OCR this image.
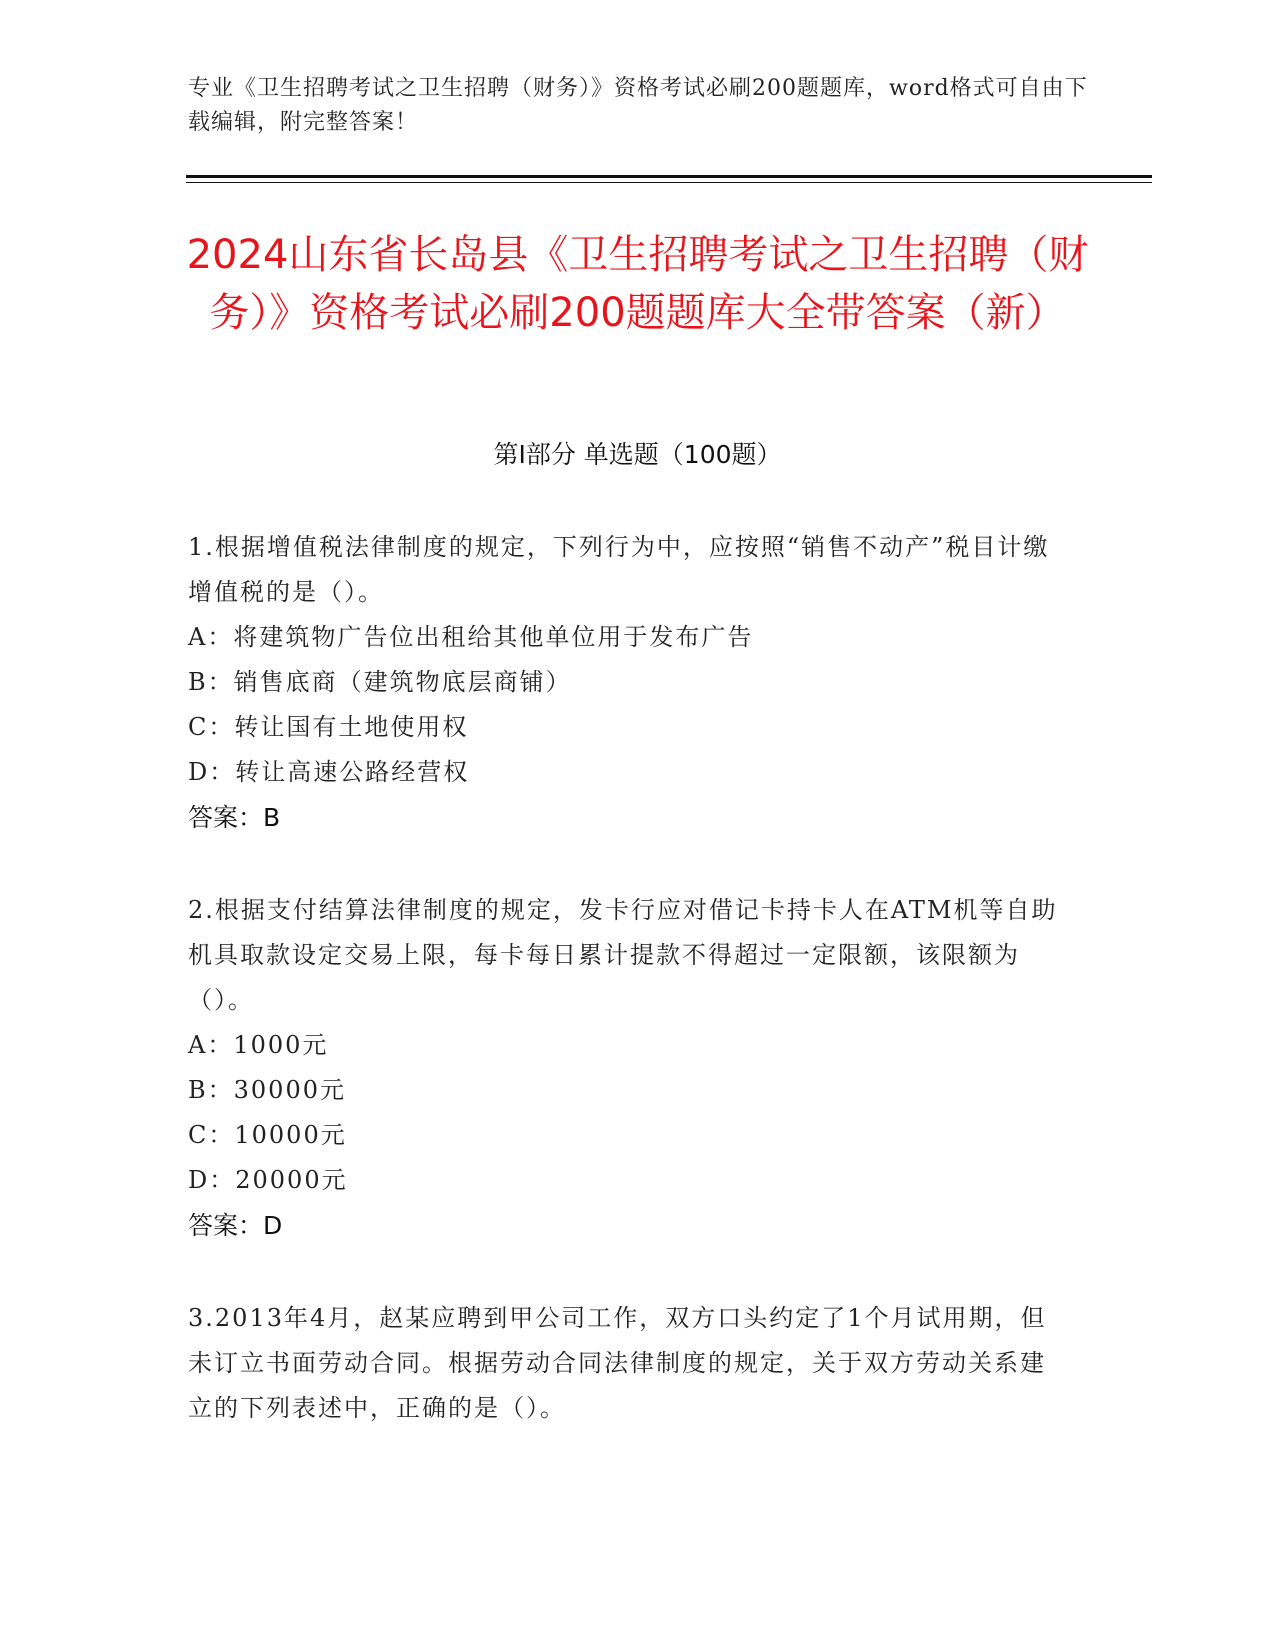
专业《卫生招聘考试之卫生招聘（财务）》资格考试必刷200题题库，word格式可自由下载编辑，附完整答案！
2024山东省长岛县《卫生招聘考试之卫生招聘（财务）》资格考试必刷200题题库大全带答案（新）
第I部分 单选题（100题）
1.根据增值税法律制度的规定，下列行为中，应按照“销售不动产”税目计缴增值税的是（）。
A：将建筑物广告位出租给其他单位用于发布广告
B：销售底商（建筑物底层商铺）
C：转让国有土地使用权
D：转让高速公路经营权
答案：B
2.根据支付结算法律制度的规定，发卡行应对借记卡持卡人在ATM机等自助机具取款设定交易上限，每卡每日累计提款不得超过一定限额，该限额为（）。
A：1000元
B：30000元
C：10000元
D：20000元
答案：D
3.2013年4月，赵某应聘到甲公司工作，双方口头约定了1个月试用期，但未订立书面劳动合同。根据劳动合同法律制度的规定，关于双方劳动关系建立的下列表述中，正确的是（）。
